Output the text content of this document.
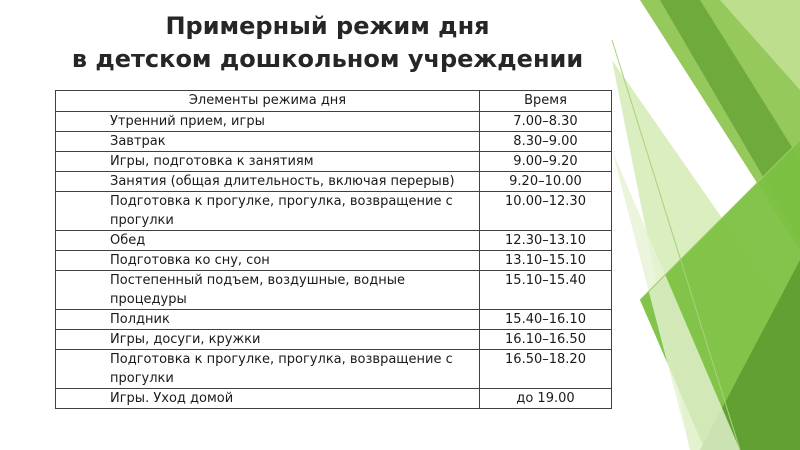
Примерный режим дня
в детском дошкольном учреждении
Элементы режима дня	Время
Утренний прием, игры	7.00–8.30
Завтрак	8.30–9.00
Игры, подготовка к занятиям	9.00–9.20
Занятия (общая длительность, включая перерыв)	9.20–10.00
Подготовка к прогулке, прогулка, возвращение с прогулки	10.00–12.30
Обед	12.30–13.10
Подготовка ко сну, сон	13.10–15.10
Постепенный подъем, воздушные, водные процедуры	15.10–15.40
Полдник	15.40–16.10
Игры, досуги, кружки	16.10–16.50
Подготовка к прогулке, прогулка, возвращение с прогулки	16.50–18.20
Игры. Уход домой	до 19.00
